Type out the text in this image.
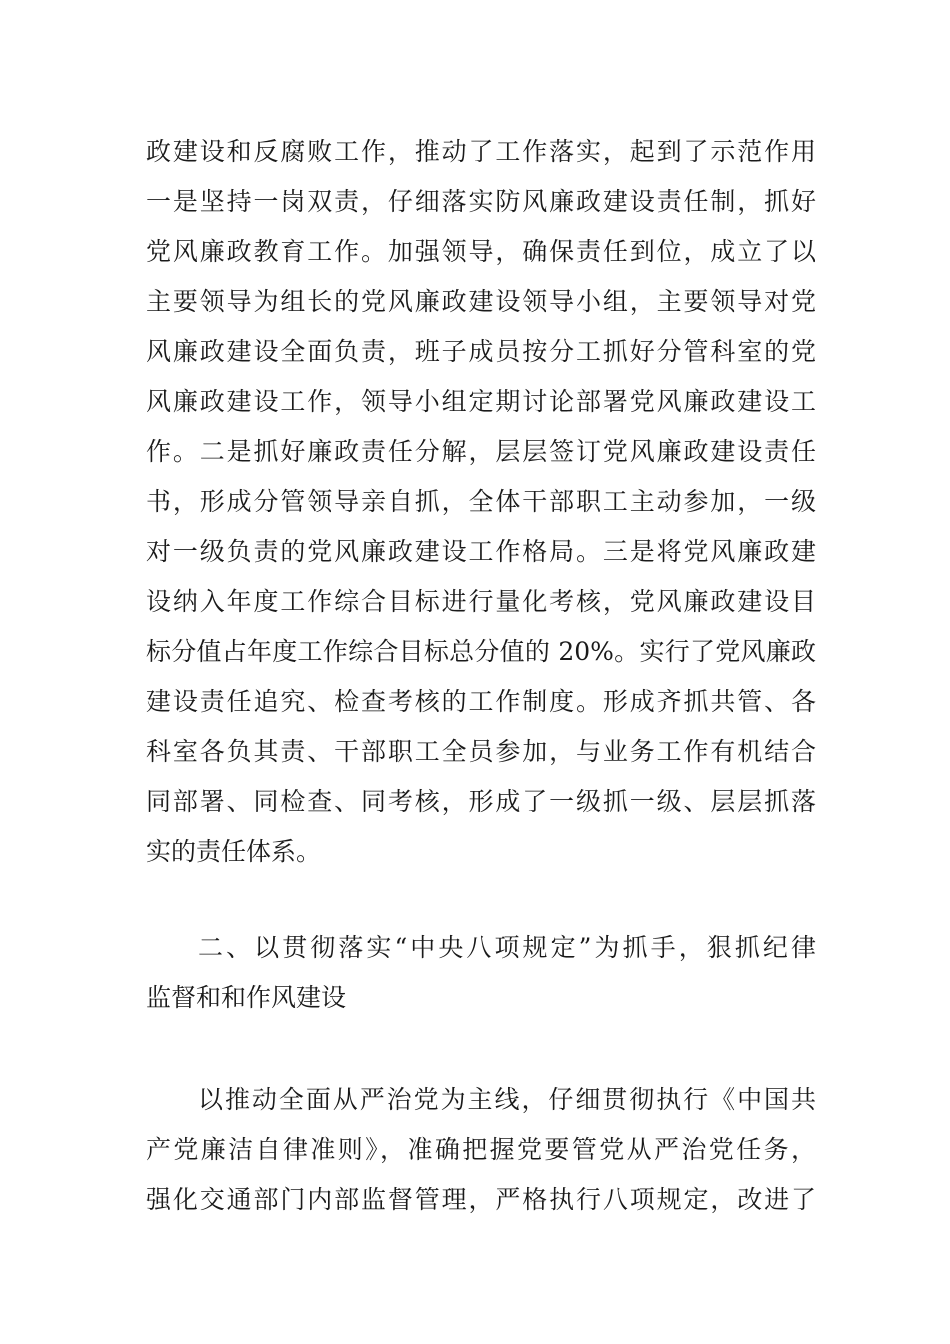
政建设和反腐败工作，推动了工作落实，起到了示范作用
一是坚持一岗双责，仔细落实防风廉政建设责任制，抓好
党风廉政教育工作。加强领导，确保责任到位，成立了以
主要领导为组长的党风廉政建设领导小组，主要领导对党
风廉政建设全面负责，班子成员按分工抓好分管科室的党
风廉政建设工作，领导小组定期讨论部署党风廉政建设工
作。二是抓好廉政责任分解，层层签订党风廉政建设责任
书，形成分管领导亲自抓，全体干部职工主动参加，一级
对一级负责的党风廉政建设工作格局。三是将党风廉政建
设纳入年度工作综合目标进行量化考核，党风廉政建设目
标分值占年度工作综合目标总分值的 20%。实行了党风廉政
建设责任追究、检查考核的工作制度。形成齐抓共管、各
科室各负其责、干部职工全员参加，与业务工作有机结合
同部署、同检查、同考核，形成了一级抓一级、层层抓落
实的责任体系。
二、以贯彻落实“中央八项规定”为抓手，狠抓纪律
监督和和作风建设
以推动全面从严治党为主线，仔细贯彻执行《中国共
产党廉洁自律准则》，准确把握党要管党从严治党任务，
强化交通部门内部监督管理，严格执行八项规定，改进了
